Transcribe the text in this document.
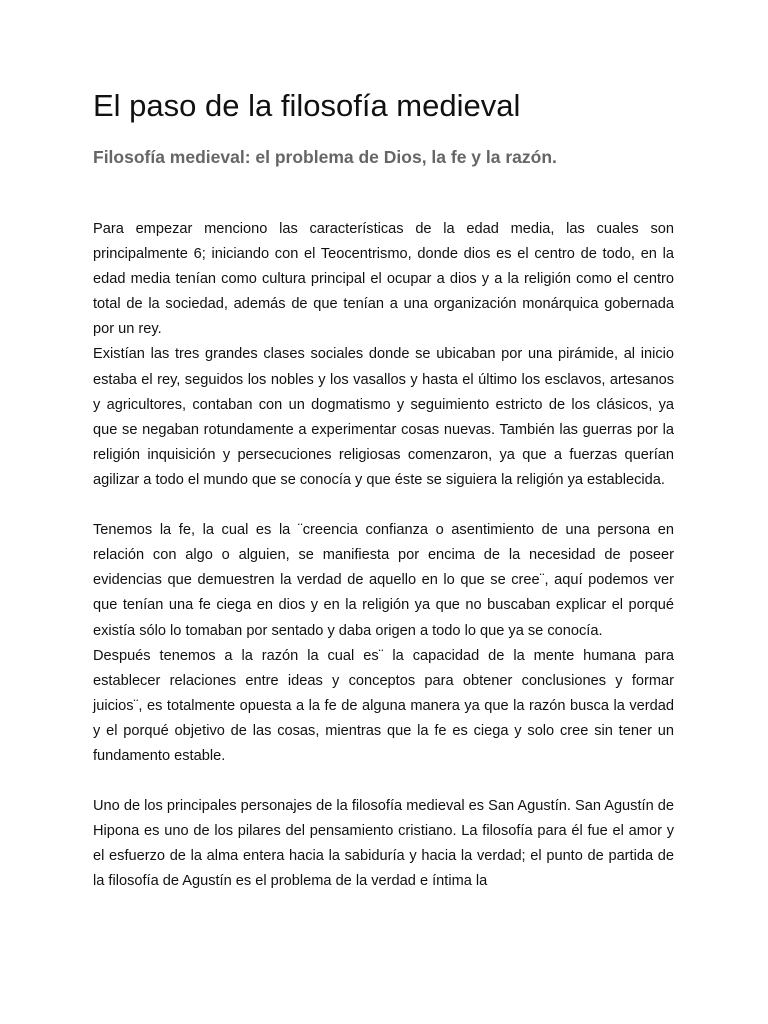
El paso de la filosofía medieval
Filosofía medieval: el problema de Dios, la fe y la razón.

Para empezar menciono las características de la edad media, las cuales son principalmente 6; iniciando con el Teocentrismo, donde dios es el centro de todo, en la edad media tenían como cultura principal el ocupar a dios y a la religión como el centro total de la sociedad, además de que tenían a una organización monárquica gobernada por un rey.

Existían las tres grandes clases sociales donde se ubicaban por una pirámide, al inicio estaba el rey, seguidos los nobles y los vasallos y hasta el último los esclavos, artesanos y agricultores, contaban con un dogmatismo y seguimiento estricto de los clásicos, ya que se negaban rotundamente a experimentar cosas nuevas. También las guerras por la religión inquisición y persecuciones religiosas comenzaron, ya que a fuerzas querían agilizar a todo el mundo que se conocía y que éste se siguiera la religión ya establecida.

Tenemos la fe, la cual es la ¨creencia confianza o asentimiento de una persona en relación con algo o alguien, se manifiesta por encima de la necesidad de poseer evidencias que demuestren la verdad de aquello en lo que se cree¨, aquí podemos ver que tenían una fe ciega en dios y en la religión ya que no buscaban explicar el porqué existía sólo lo tomaban por sentado y daba origen a todo lo que ya se conocía.

Después tenemos a la razón la cual es¨ la capacidad de la mente humana para establecer relaciones entre ideas y conceptos para obtener conclusiones y formar juicios¨, es totalmente opuesta a la fe de alguna manera ya que la razón busca la verdad y el porqué objetivo de las cosas, mientras que la fe es ciega y solo cree sin tener un fundamento estable.

Uno de los principales personajes de la filosofía medieval es San Agustín. San Agustín de Hipona es uno de los pilares del pensamiento cristiano. La filosofía para él fue el amor y el esfuerzo de la alma entera hacia la sabiduría y hacia la verdad; el punto de partida de la filosofía de Agustín es el problema de la verdad e íntima la
